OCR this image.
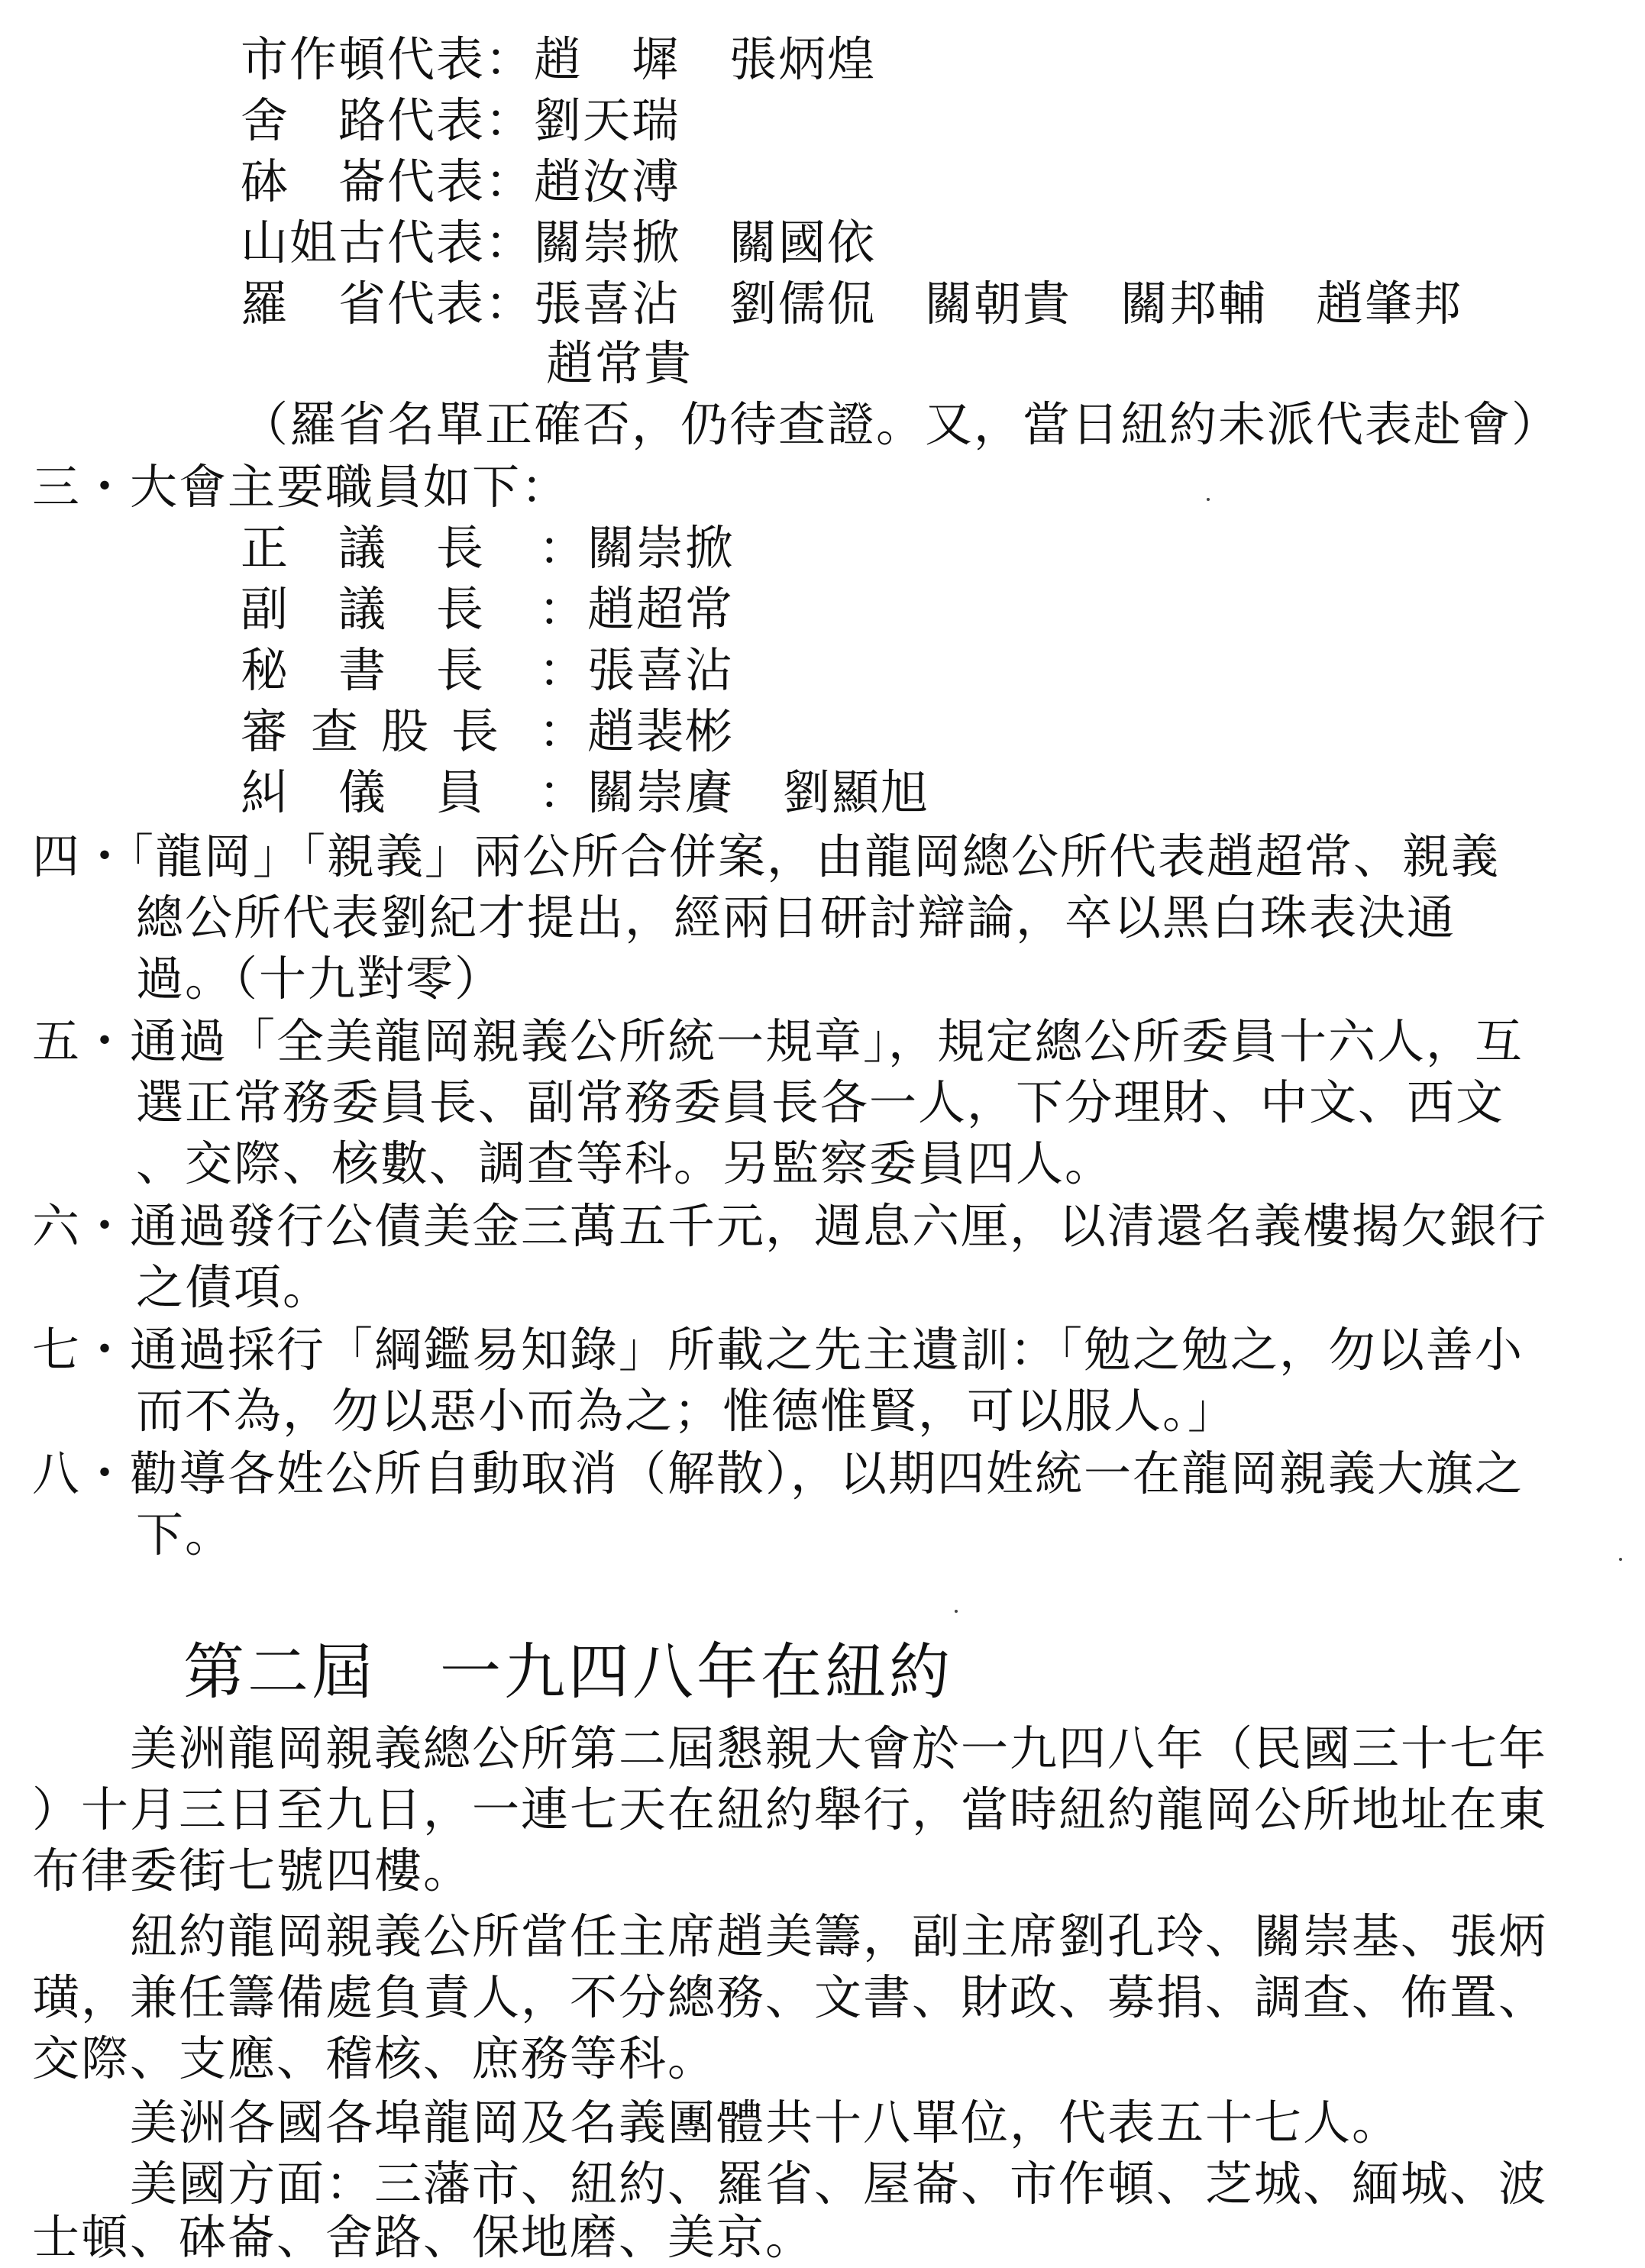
市作頓代表：趙　墀　張炳煌
舍　路代表：劉天瑞
砵　崙代表：趙汝溥
山姐古代表：關崇掀　關國依
羅　省代表：張喜沾　劉儒侃　關朝貴　關邦輔　趙肇邦
趙常貴
（羅省名單正確否，仍待查證。又，當日紐約未派代表赴會）
三・大會主要職員如下：
正　議　長 ：關崇掀
副　議　長 ：趙超常
秘　書　長 ：張喜沾
審查股長 ：趙裴彬
糾　儀　員 ：關崇賡　劉顯旭
四・「龍岡」「親義」兩公所合併案，由龍岡總公所代表趙超常、親義
總公所代表劉紀才提出，經兩日研討辯論，卒以黑白珠表決通
過。（十九對零）
五・通過「全美龍岡親義公所統一規章」，規定總公所委員十六人，互
選正常務委員長、副常務委員長各一人，下分理財、中文、西文
、交際、核數、調查等科。另監察委員四人。
六・通過發行公債美金三萬五千元，週息六厘，以清還名義樓揭欠銀行
之債項。
七・通過採行「綱鑑易知錄」所載之先主遺訓：「勉之勉之，勿以善小
而不為，勿以惡小而為之；惟德惟賢，可以服人。」
八・勸導各姓公所自動取消（解散），以期四姓統一在龍岡親義大旗之
下。
第二屆　一九四八年在紐約
　　美洲龍岡親義總公所第二屆懇親大會於一九四八年（民國三十七年
）十月三日至九日，一連七天在紐約舉行，當時紐約龍岡公所地址在東
布律委街七號四樓。
　　紐約龍岡親義公所當任主席趙美籌，副主席劉孔玲、關崇基、張炳
璜，兼任籌備處負責人，不分總務、文書、財政、募捐、調查、佈置、
交際、支應、稽核、庶務等科。
　　美洲各國各埠龍岡及名義團體共十八單位，代表五十七人。
　　美國方面：三藩市、紐約、羅省、屋崙、市作頓、芝城、緬城、波
士頓、砵崙、舍路、保地磨、美京。
